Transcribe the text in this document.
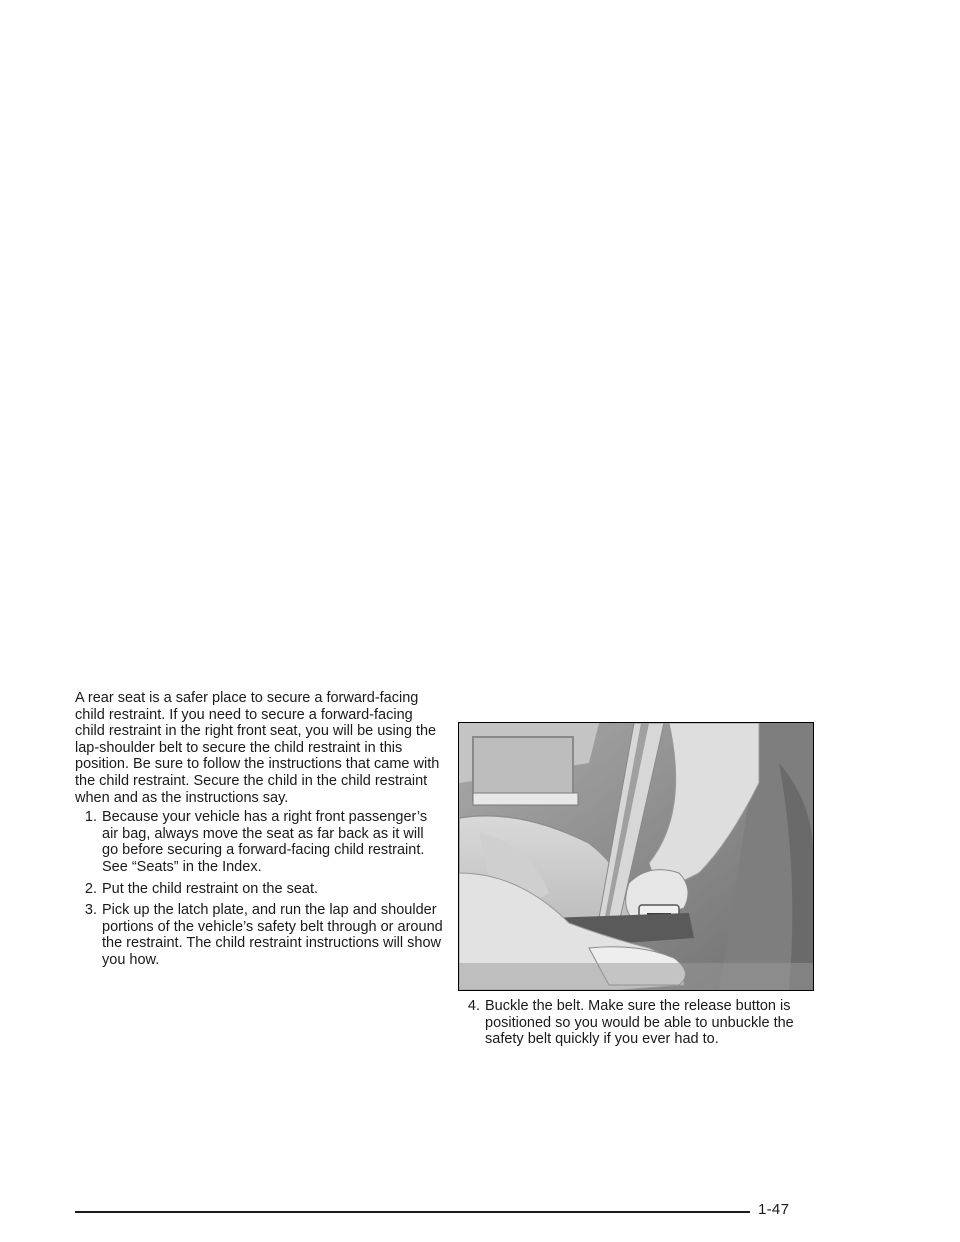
A rear seat is a safer place to secure a forward-facing child restraint. If you need to secure a forward-facing child restraint in the right front seat, you will be using the lap-shoulder belt to secure the child restraint in this position. Be sure to follow the instructions that came with the child restraint. Secure the child in the child restraint when and as the instructions say.

1. Because your vehicle has a right front passenger’s air bag, always move the seat as far back as it will go before securing a forward-facing child restraint. See “Seats” in the Index.
2. Put the child restraint on the seat.
3. Pick up the latch plate, and run the lap and shoulder portions of the vehicle’s safety belt through or around the restraint. The child restraint instructions will show you how.
4. Buckle the belt. Make sure the release button is positioned so you would be able to unbuckle the safety belt quickly if you ever had to.
1-47
